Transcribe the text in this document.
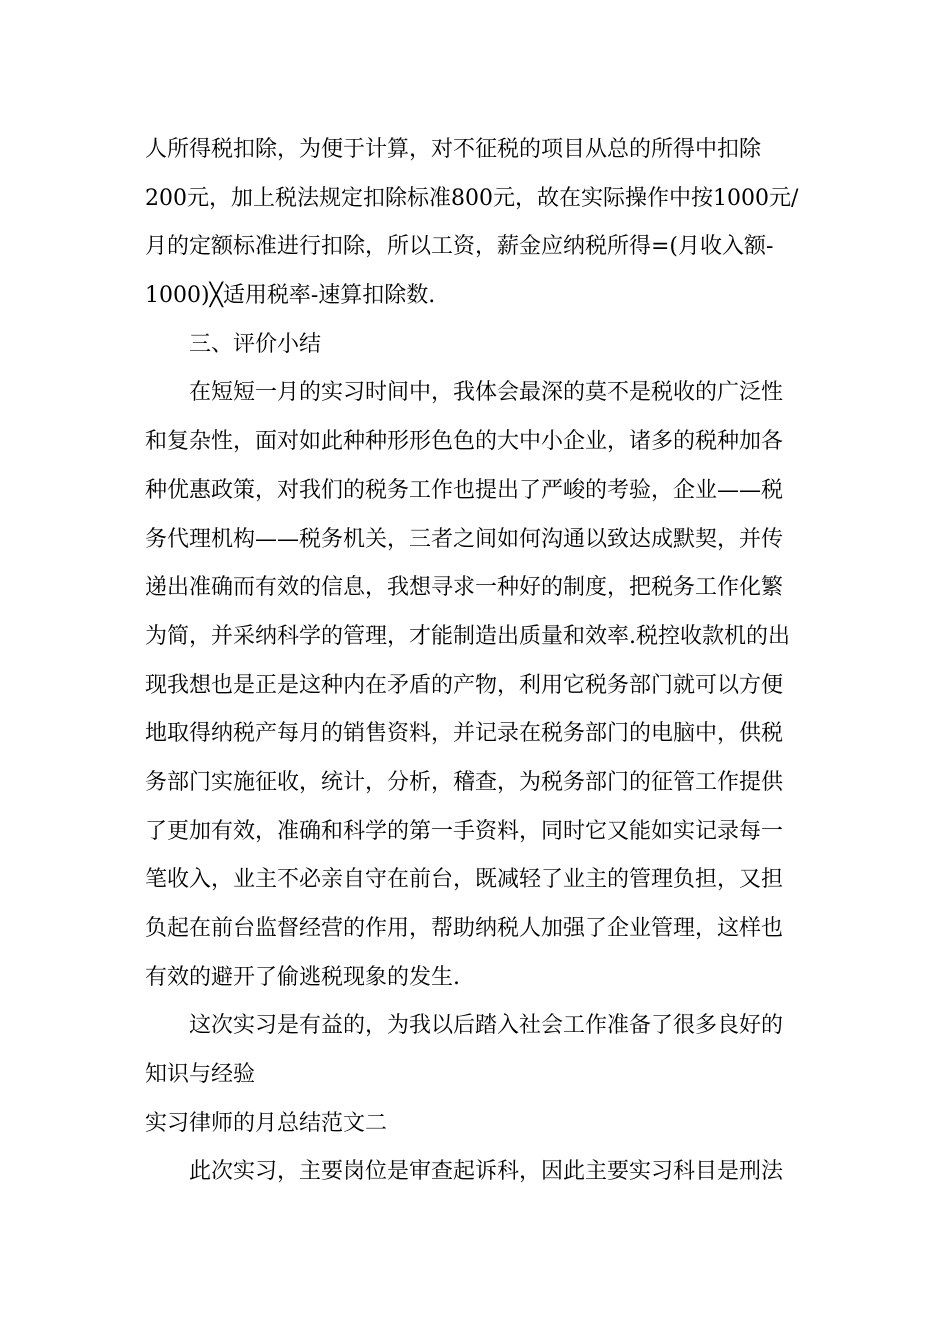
人所得税扣除，为便于计算，对不征税的项目从总的所得中扣除
200元，加上税法规定扣除标准800元，故在实际操作中按1000元/
月的定额标准进行扣除，所以工资，薪金应纳税所得=(月收入额-
1000)╳适用税率-速算扣除数.
三、评价小结
在短短一月的实习时间中，我体会最深的莫不是税收的广泛性
和复杂性，面对如此种种形形色色的大中小企业，诸多的税种加各
种优惠政策，对我们的税务工作也提出了严峻的考验，企业——税
务代理机构——税务机关，三者之间如何沟通以致达成默契，并传
递出准确而有效的信息，我想寻求一种好的制度，把税务工作化繁
为简，并采纳科学的管理，才能制造出质量和效率.税控收款机的出
现我想也是正是这种内在矛盾的产物，利用它税务部门就可以方便
地取得纳税产每月的销售资料，并记录在税务部门的电脑中，供税
务部门实施征收，统计，分析，稽查，为税务部门的征管工作提供
了更加有效，准确和科学的第一手资料，同时它又能如实记录每一
笔收入，业主不必亲自守在前台，既减轻了业主的管理负担，又担
负起在前台监督经营的作用，帮助纳税人加强了企业管理，这样也
有效的避开了偷逃税现象的发生.
这次实习是有益的，为我以后踏入社会工作准备了很多良好的
知识与经验
实习律师的月总结范文二
此次实习，主要岗位是审查起诉科，因此主要实习科目是刑法
